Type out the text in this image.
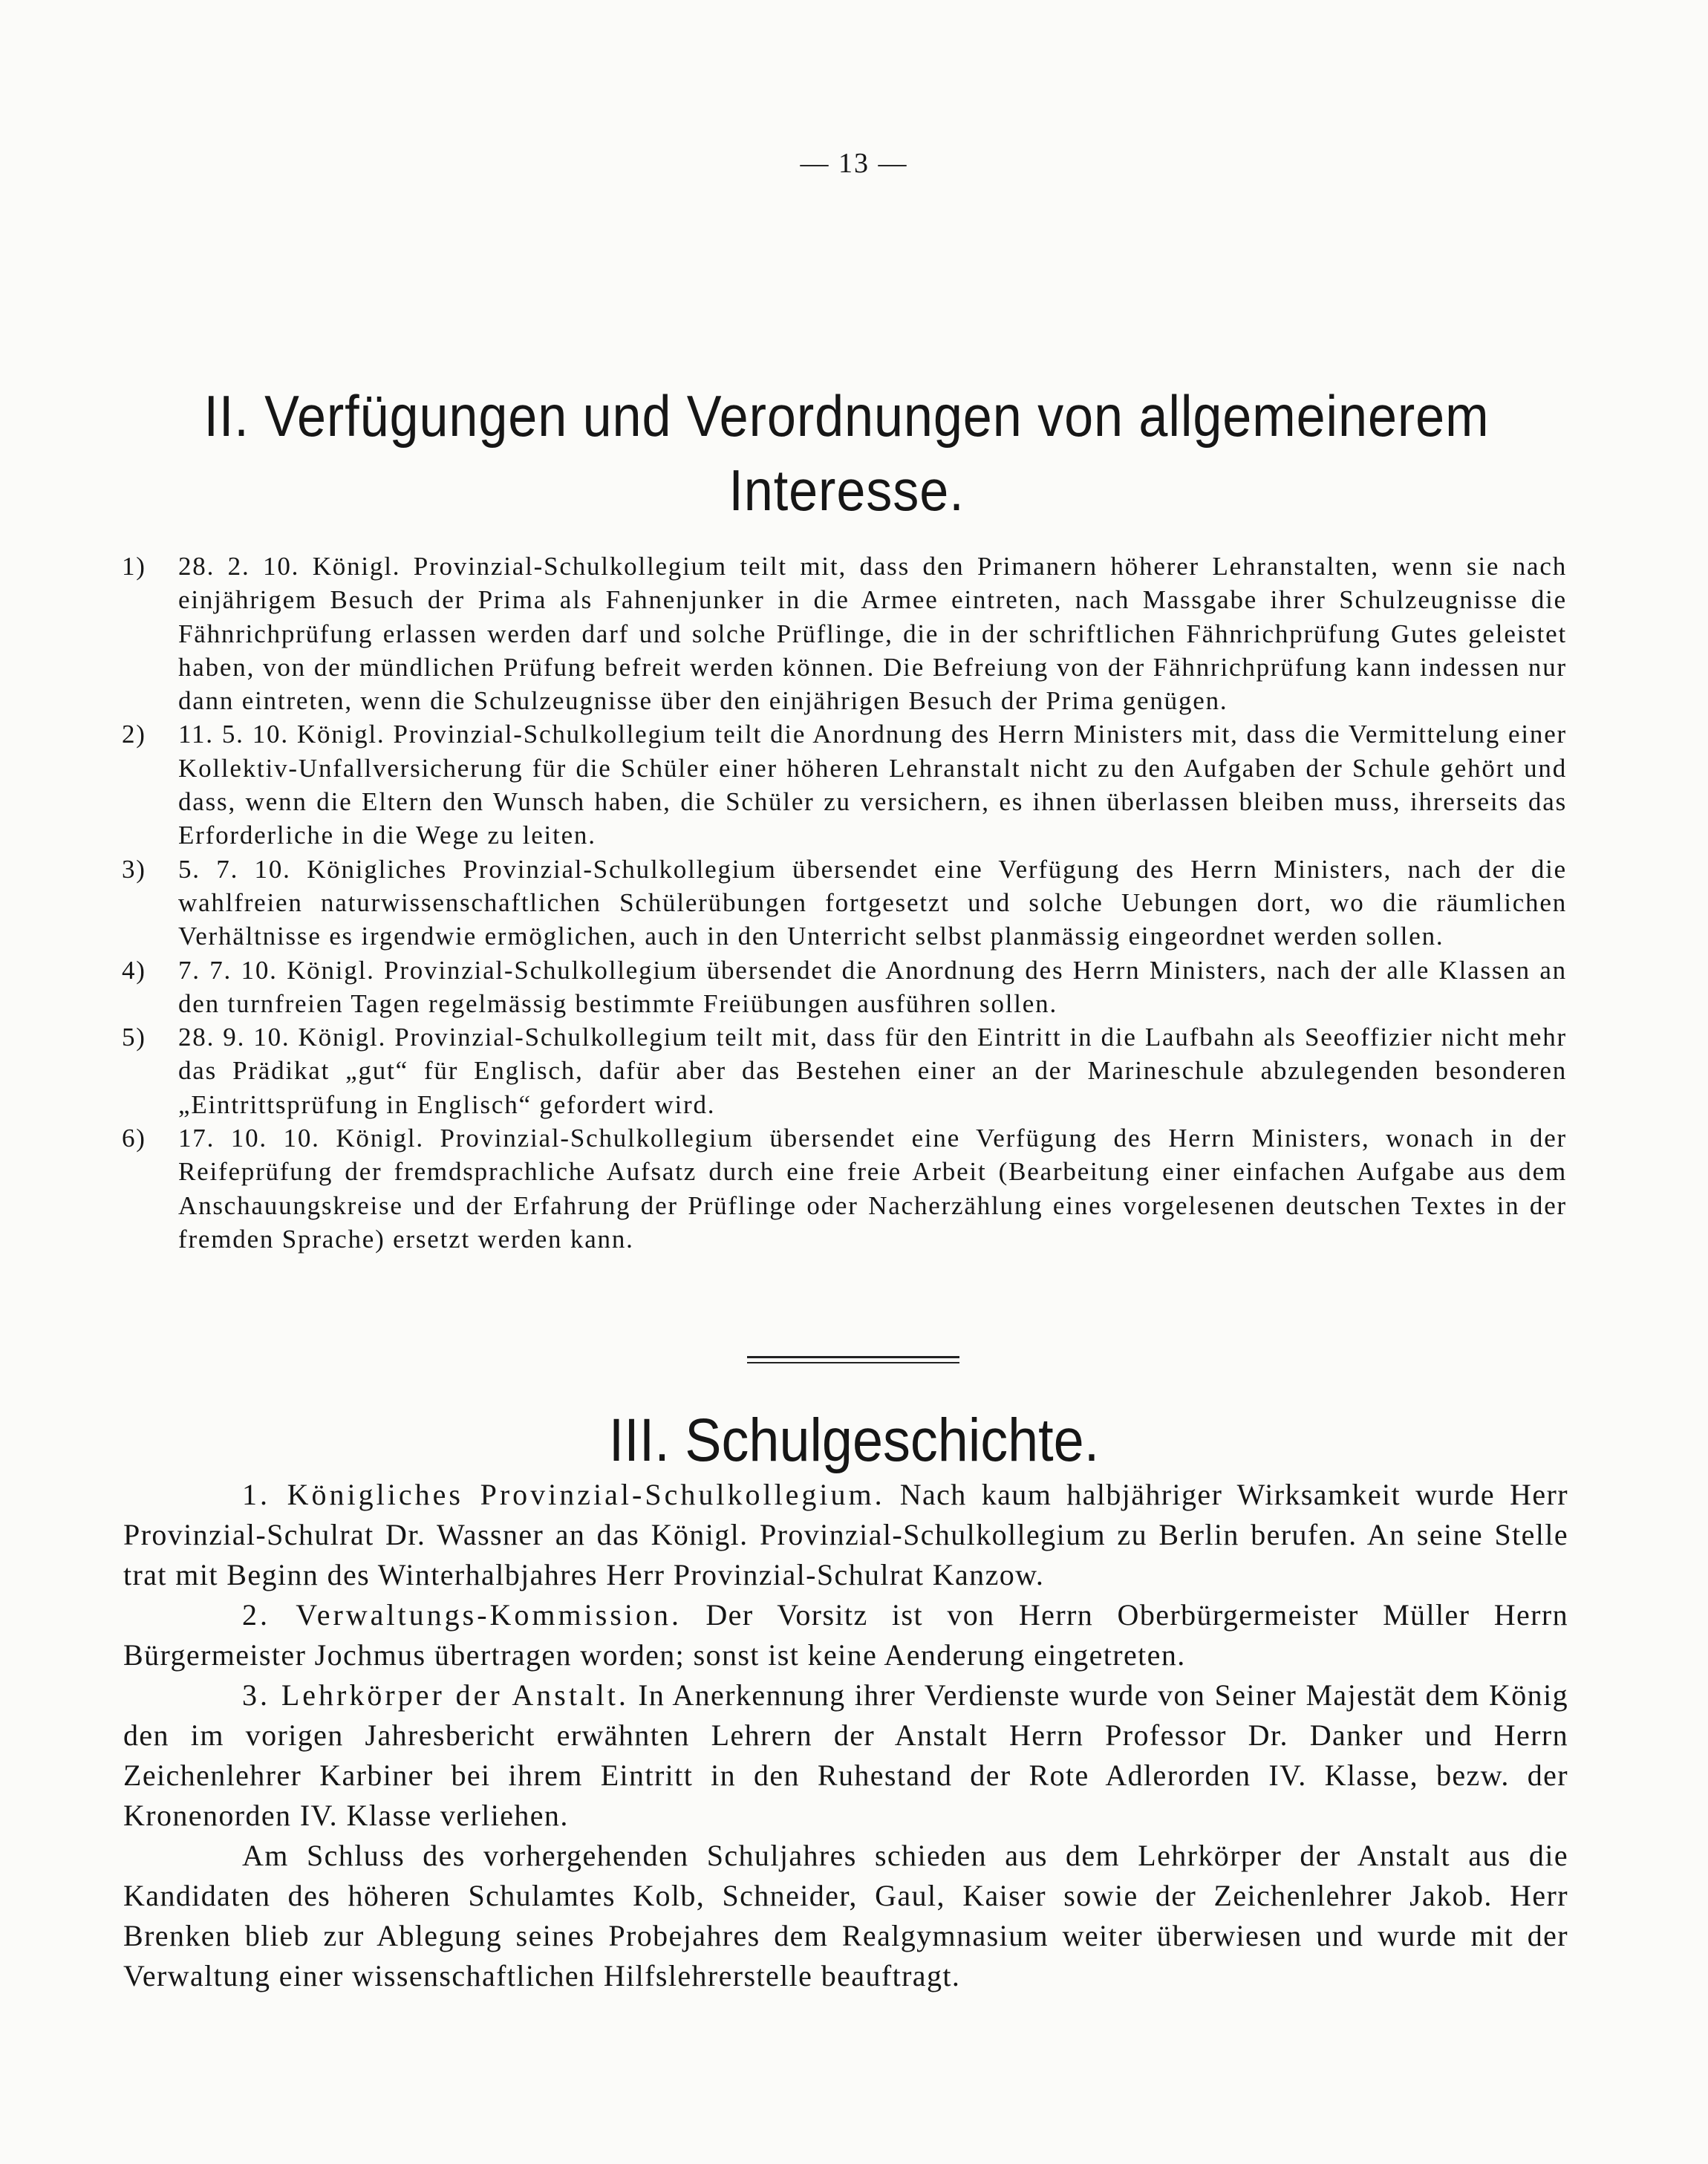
— 13 —
II. Verfügungen und Verordnungen von allgemeinerem Interesse.
1)	28. 2. 10. Königl. Provinzial-Schulkollegium teilt mit, dass den Primanern höherer Lehranstalten, wenn sie nach einjährigem Besuch der Prima als Fahnenjunker in die Armee eintreten, nach Massgabe ihrer Schulzeugnisse die Fähnrichprüfung erlassen werden darf und solche Prüflinge, die in der schriftlichen Fähnrichprüfung Gutes geleistet haben, von der mündlichen Prüfung befreit werden können. Die Befreiung von der Fähnrichprüfung kann indessen nur dann eintreten, wenn die Schulzeugnisse über den einjährigen Besuch der Prima genügen.
2)	11. 5. 10. Königl. Provinzial-Schulkollegium teilt die Anordnung des Herrn Ministers mit, dass die Vermittelung einer Kollektiv-Unfallversicherung für die Schüler einer höheren Lehranstalt nicht zu den Aufgaben der Schule gehört und dass, wenn die Eltern den Wunsch haben, die Schüler zu versichern, es ihnen überlassen bleiben muss, ihrerseits das Erforderliche in die Wege zu leiten.
3)	5. 7. 10. Königliches Provinzial-Schulkollegium übersendet eine Verfügung des Herrn Ministers, nach der die wahlfreien naturwissenschaftlichen Schülerübungen fortgesetzt und solche Uebungen dort, wo die räumlichen Verhältnisse es irgendwie ermöglichen, auch in den Unterricht selbst planmässig eingeordnet werden sollen.
4)	7. 7. 10. Königl. Provinzial-Schulkollegium übersendet die Anordnung des Herrn Ministers, nach der alle Klassen an den turnfreien Tagen regelmässig bestimmte Freiübungen ausführen sollen.
5)	28. 9. 10. Königl. Provinzial-Schulkollegium teilt mit, dass für den Eintritt in die Laufbahn als Seeoffizier nicht mehr das Prädikat „gut“ für Englisch, dafür aber das Bestehen einer an der Marineschule abzulegenden besonderen „Eintrittsprüfung in Englisch“ gefordert wird.
6)	17. 10. 10. Königl. Provinzial-Schulkollegium übersendet eine Verfügung des Herrn Ministers, wonach in der Reifeprüfung der fremdsprachliche Aufsatz durch eine freie Arbeit (Bearbeitung einer einfachen Aufgabe aus dem Anschauungskreise und der Erfahrung der Prüflinge oder Nacherzählung eines vorgelesenen deutschen Textes in der fremden Sprache) ersetzt werden kann.
III. Schulgeschichte.

1. Königliches Provinzial-Schulkollegium. Nach kaum halbjähriger Wirksamkeit wurde Herr Provinzial-Schulrat Dr. Wassner an das Königl. Provinzial-Schulkollegium zu Berlin berufen. An seine Stelle trat mit Beginn des Winterhalbjahres Herr Provinzial-Schulrat Kanzow.

2. Verwaltungs-Kommission. Der Vorsitz ist von Herrn Oberbürgermeister Müller Herrn Bürgermeister Jochmus übertragen worden; sonst ist keine Aenderung eingetreten.

3. Lehrkörper der Anstalt. In Anerkennung ihrer Verdienste wurde von Seiner Majestät dem König den im vorigen Jahresbericht erwähnten Lehrern der Anstalt Herrn Professor Dr. Danker und Herrn Zeichenlehrer Karbiner bei ihrem Eintritt in den Ruhestand der Rote Adlerorden IV. Klasse, bezw. der Kronenorden IV. Klasse verliehen.

Am Schluss des vorhergehenden Schuljahres schieden aus dem Lehrkörper der Anstalt aus die Kandidaten des höheren Schulamtes Kolb, Schneider, Gaul, Kaiser sowie der Zeichenlehrer Jakob. Herr Brenken blieb zur Ablegung seines Probejahres dem Realgymnasium weiter überwiesen und wurde mit der Verwaltung einer wissenschaftlichen Hilfslehrerstelle beauftragt.
